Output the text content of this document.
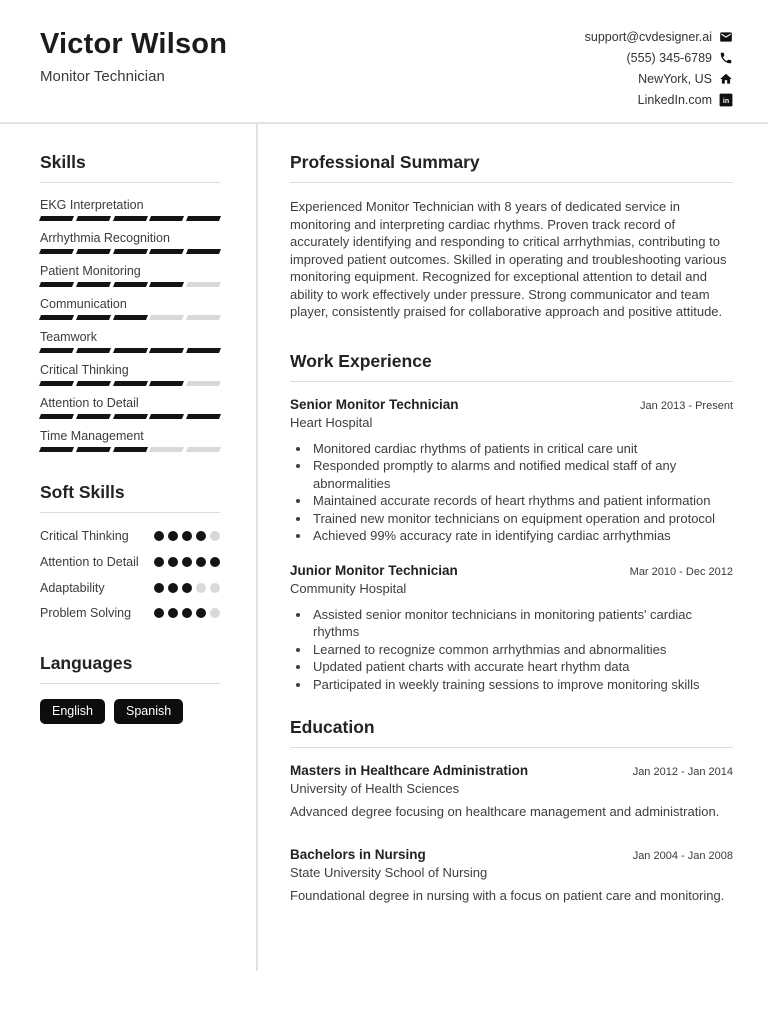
Victor Wilson
Monitor Technician
support@cvdesigner.ai
(555) 345-6789
NewYork, US
LinkedIn.com in
Skills
EKG Interpretation
Arrhythmia Recognition
Patient Monitoring
Communication
Teamwork
Critical Thinking
Attention to Detail
Time Management
Soft Skills
Critical Thinking
Attention to Detail
Adaptability
Problem Solving
Languages
English	Spanish
Professional Summary

Experienced Monitor Technician with 8 years of dedicated service in monitoring and interpreting cardiac rhythms. Proven track record of accurately identifying and responding to critical arrhythmias, contributing to improved patient outcomes. Skilled in operating and troubleshooting various monitoring equipment. Recognized for exceptional attention to detail and ability to work effectively under pressure. Strong communicator and team player, consistently praised for collaborative approach and positive attitude.

Work Experience
Senior Monitor Technician	Jan 2013 - Present
Heart Hospital
• Monitored cardiac rhythms of patients in critical care unit
• Responded promptly to alarms and notified medical staff of any abnormalities
• Maintained accurate records of heart rhythms and patient information
• Trained new monitor technicians on equipment operation and protocol
• Achieved 99% accuracy rate in identifying cardiac arrhythmias
Junior Monitor Technician	Mar 2010 - Dec 2012
Community Hospital
• Assisted senior monitor technicians in monitoring patients' cardiac rhythms
• Learned to recognize common arrhythmias and abnormalities
• Updated patient charts with accurate heart rhythm data
• Participated in weekly training sessions to improve monitoring skills
Education
Masters in Healthcare Administration	Jan 2012 - Jan 2014
University of Health Sciences
Advanced degree focusing on healthcare management and administration.
Bachelors in Nursing	Jan 2004 - Jan 2008
State University School of Nursing
Foundational degree in nursing with a focus on patient care and monitoring.
